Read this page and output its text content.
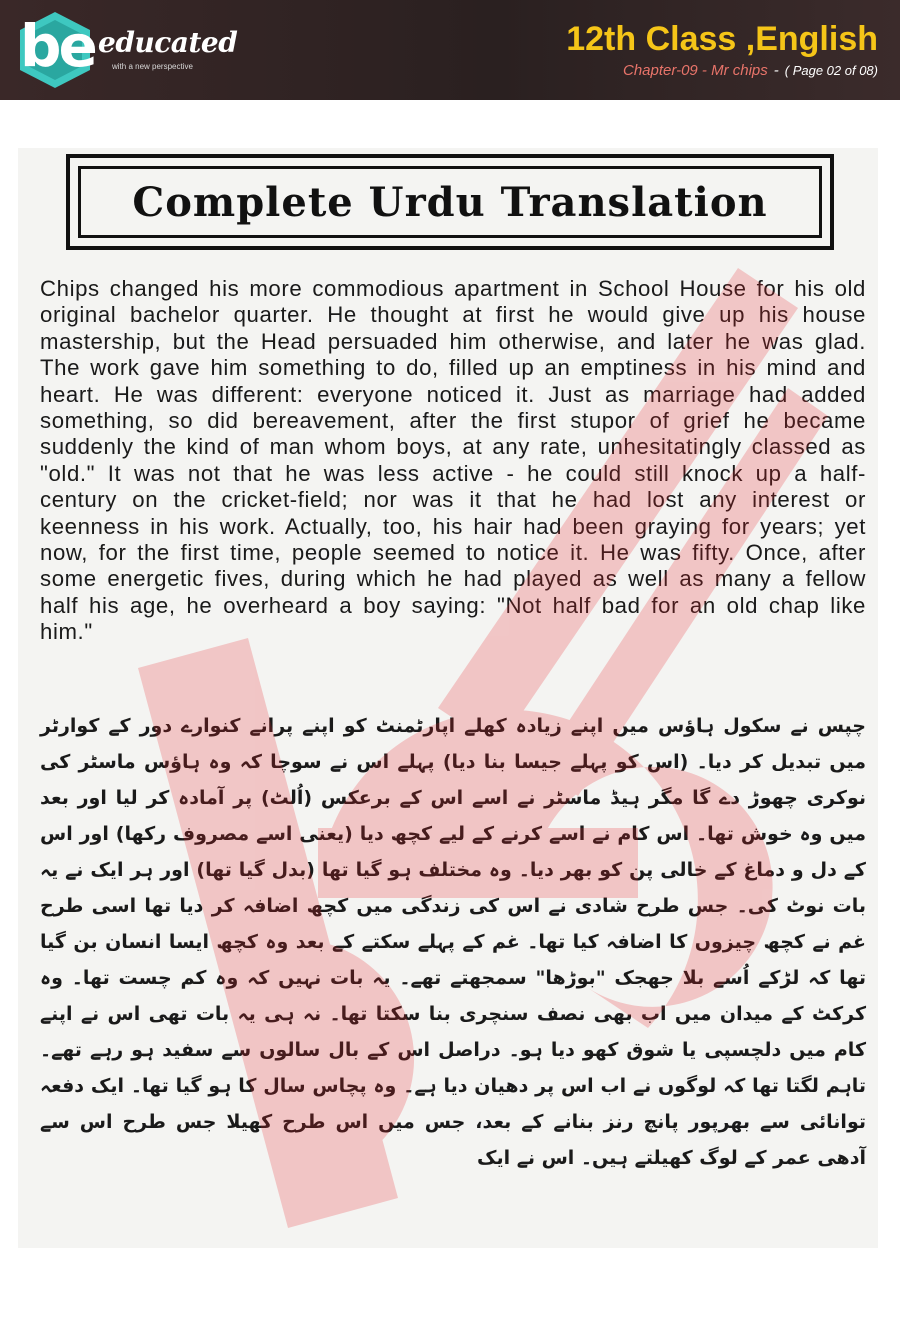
be educated
with a new perspective
12th Class ,English
Chapter-09 - Mr chips - ( Page 02 of 08)
Complete Urdu Translation
Chips changed his more commodious apartment in School House for his old original bachelor quarter. He thought at first he would give up his house mastership, but the Head persuaded him otherwise, and later he was glad. The work gave him something to do, filled up an emptiness in his mind and heart. He was different: everyone noticed it. Just as marriage had added something, so did bereavement, after the first stupor of grief he became suddenly the kind of man whom boys, at any rate, unhesitatingly classed as "old." It was not that he was less active - he could still knock up a half-century on the cricket-field; nor was it that he had lost any interest or keenness in his work. Actually, too, his hair had been graying for years; yet now, for the first time, people seemed to notice it. He was fifty. Once, after some energetic fives, during which he had played as well as many a fellow half his age, he overheard a boy saying: "Not half bad for an old chap like him."
چپس نے سکول ہاؤس میں اپنے زیادہ کھلے اپارٹمنٹ کو اپنے پرانے کنوارے دور کے کوارٹر میں تبدیل کر دیا۔ (اس کو پہلے جیسا بنا دیا) پہلے اس نے سوچا کہ وہ ہاؤس ماسٹر کی نوکری چھوڑ دے گا مگر ہیڈ ماسٹر نے اسے اس کے برعکس (اُلٹ) پر آمادہ کر لیا اور بعد میں وہ خوش تھا۔ اس کام نے اسے کرنے کے لیے کچھ دیا (یعنی اسے مصروف رکھا) اور اس کے دل و دماغ کے خالی پن کو بھر دیا۔ وہ مختلف ہو گیا تھا (بدل گیا تھا) اور ہر ایک نے یہ بات نوٹ کی۔ جس طرح شادی نے اس کی زندگی میں کچھ اضافہ کر دیا تھا اسی طرح غم نے کچھ چیزوں کا اضافہ کیا تھا۔ غم کے پہلے سکتے کے بعد وہ کچھ ایسا انسان بن گیا تھا کہ لڑکے اُسے بلا جھجک "بوڑھا" سمجھتے تھے۔ یہ بات نہیں کہ وہ کم چست تھا۔ وہ کرکٹ کے میدان میں اب بھی نصف سنچری بنا سکتا تھا۔ نہ ہی یہ بات تھی اس نے اپنے کام میں دلچسپی یا شوق کھو دیا ہو۔ دراصل اس کے بال سالوں سے سفید ہو رہے تھے۔ تاہم لگتا تھا کہ لوگوں نے اب اس پر دھیان دیا ہے۔ وہ پچاس سال کا ہو گیا تھا۔ ایک دفعہ توانائی سے بھرپور پانچ رنز بنانے کے بعد، جس میں اس طرح کھیلا جس طرح اس سے آدھی عمر کے لوگ کھیلتے ہیں۔ اس نے ایک
